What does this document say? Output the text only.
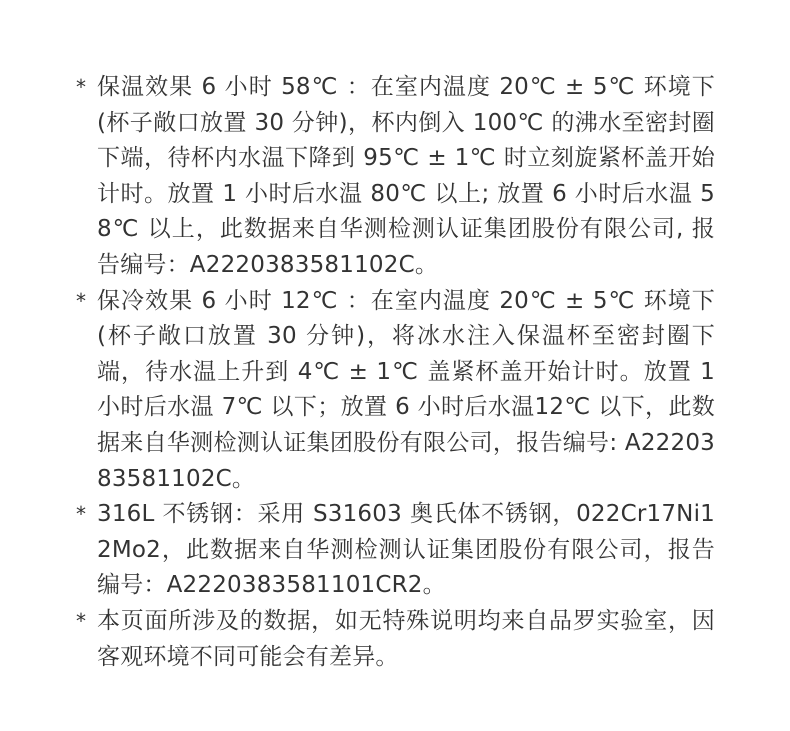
* 保温效果 6 小时 58℃ ：在室内温度 20℃ ± 5℃ 环境下(杯子敞口放置 30 分钟)，杯内倒入 100℃ 的沸水至密封圈下端，待杯内水温下降到 95℃ ± 1℃ 时立刻旋紧杯盖开始计时。放置 1 小时后水温 80℃ 以上; 放置 6 小时后水温 58℃ 以上，此数据来自华测检测认证集团股份有限公司, 报告编号：A2220383581102C。
* 保冷效果 6 小时 12℃ ：在室内温度 20℃ ± 5℃ 环境下(杯子敞口放置 30 分钟)，将冰水注入保温杯至密封圈下端，待水温上升到 4℃ ± 1℃ 盖紧杯盖开始计时。放置 1 小时后水温 7℃ 以下；放置 6 小时后水温12℃ 以下，此数据来自华测检测认证集团股份有限公司，报告编号: A2220383581102C。
* 316L 不锈钢：采用 S31603 奥氏体不锈钢，022Cr17Ni12Mo2，此数据来自华测检测认证集团股份有限公司，报告编号：A2220383581101CR2。
* 本页面所涉及的数据，如无特殊说明均来自品罗实验室，因客观环境不同可能会有差异。
